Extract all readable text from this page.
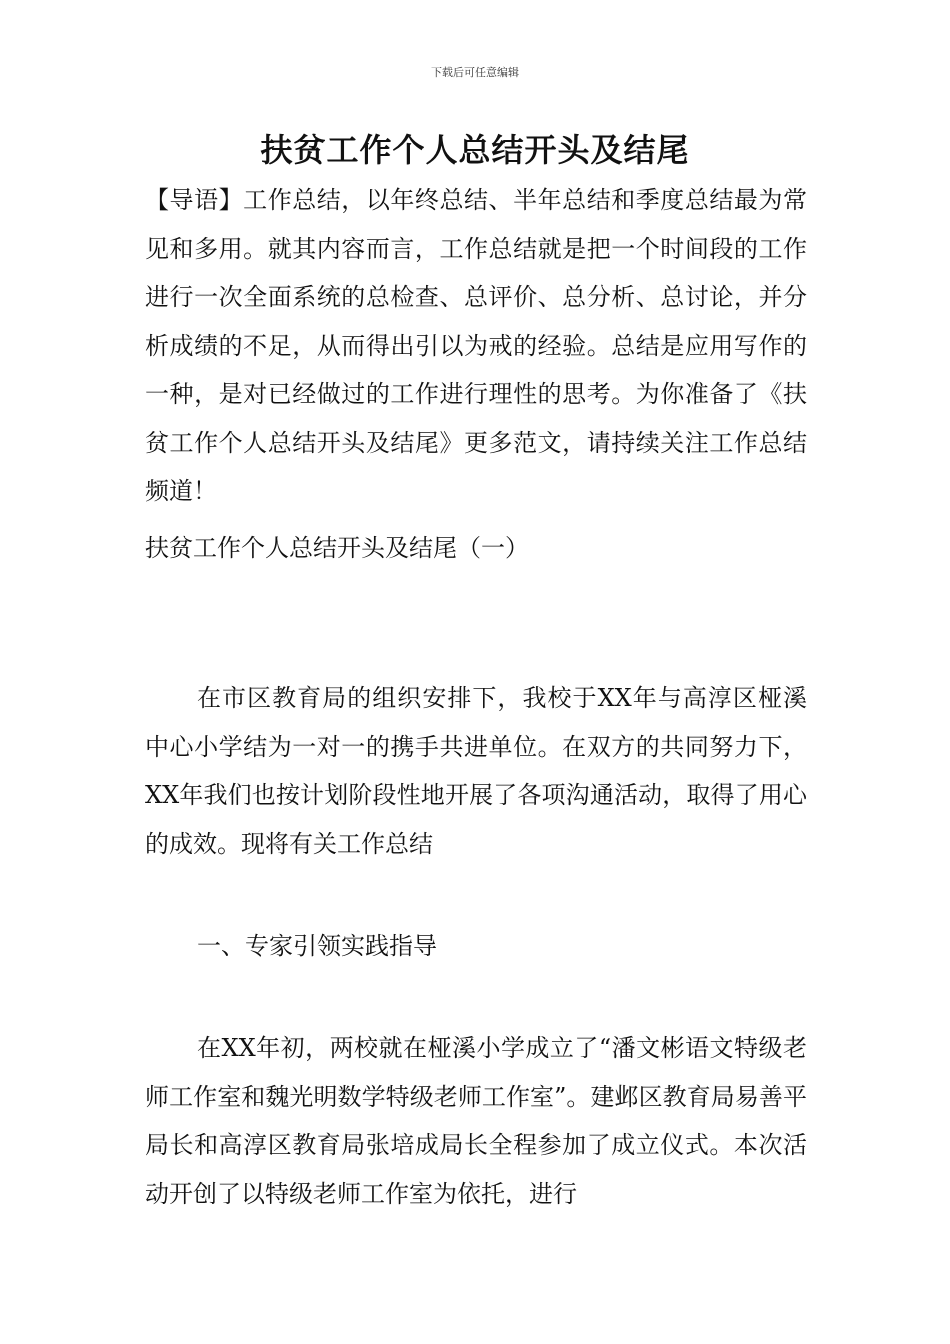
下载后可任意编辑
扶贫工作个人总结开头及结尾

【导语】工作总结，以年终总结、半年总结和季度总结最为常见和多用。就其内容而言，工作总结就是把一个时间段的工作进行一次全面系统的总检查、总评价、总分析、总讨论，并分析成绩的不足，从而得出引以为戒的经验。总结是应用写作的一种，是对已经做过的工作进行理性的思考。为你准备了《扶贫工作个人总结开头及结尾》更多范文，请持续关注工作总结频道！

扶贫工作个人总结开头及结尾（一）

在市区教育局的组织安排下，我校于XX年与高淳区桠溪中心小学结为一对一的携手共进单位。在双方的共同努力下，XX年我们也按计划阶段性地开展了各项沟通活动，取得了用心的成效。现将有关工作总结

一、专家引领实践指导

在XX年初，两校就在桠溪小学成立了“潘文彬语文特级老师工作室和魏光明数学特级老师工作室”。建邺区教育局易善平局长和高淳区教育局张培成局长全程参加了成立仪式。本次活动开创了以特级老师工作室为依托，进行
